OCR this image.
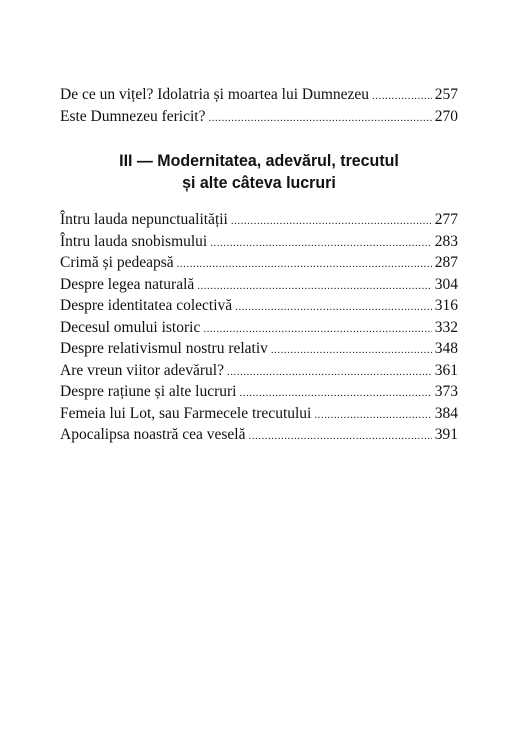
De ce un vițel? Idolatria și moartea lui Dumnezeu .....	257
Este Dumnezeu fericit? .....	270
III — Modernitatea, adevărul, trecutul
și alte câteva lucruri
Întru lauda nepunctualității .....	277
Întru lauda snobismului .....	283
Crimă și pedeapsă .....	287
Despre legea naturală .....	304
Despre identitatea colectivă .....	316
Decesul omului istoric .....	332
Despre relativismul nostru relativ .....	348
Are vreun viitor adevărul? .....	361
Despre rațiune și alte lucruri .....	373
Femeia lui Lot, sau Farmecele trecutului .....	384
Apocalipsa noastră cea veselă .....	391
